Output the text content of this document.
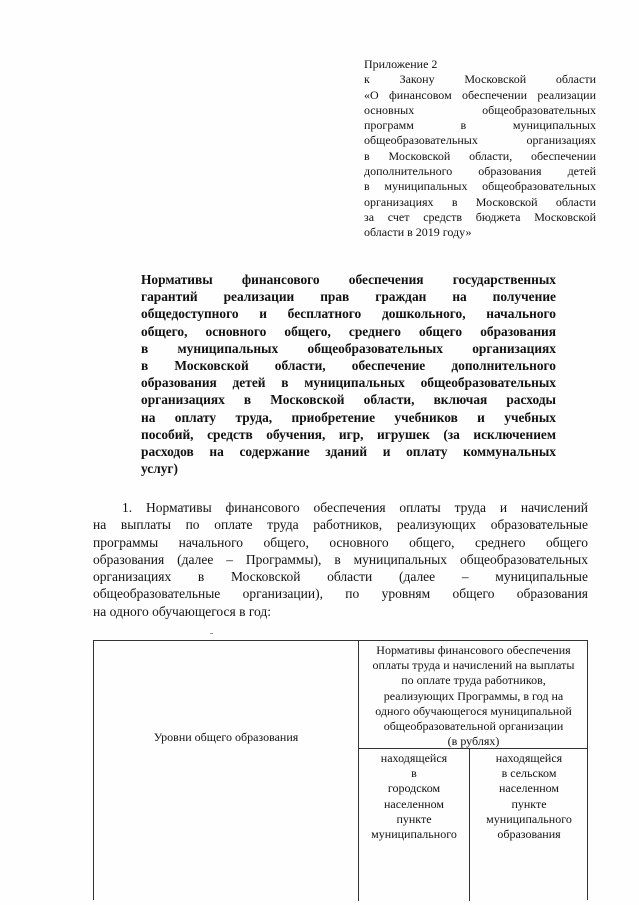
Приложение 2
к Закону Московской области
«О финансовом обеспечении реализации
основных общеобразовательных
программ в муниципальных
общеобразовательных организациях
в Московской области, обеспечении
дополнительного образования детей
в муниципальных общеобразовательных
организациях в Московской области
за счет средств бюджета Московской
области в 2019 году»
Нормативы финансового обеспечения государственных
гарантий реализации прав граждан на получение
общедоступного и бесплатного дошкольного, начального
общего, основного общего, среднего общего образования
в муниципальных общеобразовательных организациях
в Московской области, обеспечение дополнительного
образования детей в муниципальных общеобразовательных
организациях в Московской области, включая расходы
на оплату труда, приобретение учебников и учебных
пособий, средств обучения, игр, игрушек (за исключением
расходов на содержание зданий и оплату коммунальных
услуг)
1. Нормативы финансового обеспечения оплаты труда и начислений
на выплаты по оплате труда работников, реализующих образовательные
программы начального общего, основного общего, среднего общего
образования (далее – Программы), в муниципальных общеобразовательных
организациях в Московской области (далее – муниципальные
общеобразовательные организации), по уровням общего образования
на одного обучающегося в год:
Уровни общего образования
Нормативы финансового обеспечения
оплаты труда и начислений на выплаты
по оплате труда работников,
реализующих Программы, в год на
одного обучающегося муниципальной
общеобразовательной организации
(в рублях)
находящейся
в
городском
населенном
пункте
муниципального
находящейся
в сельском
населенном
пункте
муниципального
образования
